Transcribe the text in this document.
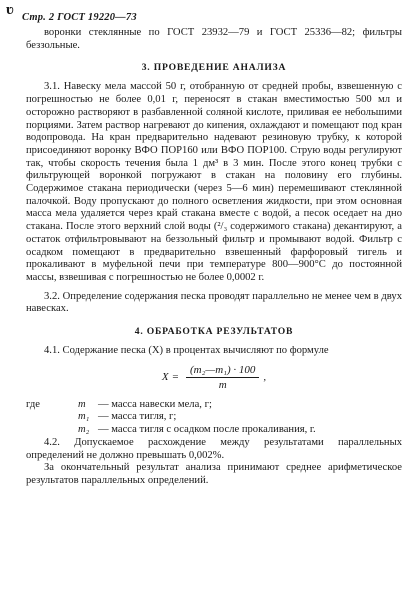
ʋ Стр. 2 ГОСТ 19220—73

воронки стеклянные по ГОСТ 23932—79 и ГОСТ 25336—82; фильтры беззольные.

3. ПРОВЕДЕНИЕ АНАЛИЗА

3.1. Навеску мела массой 50 г, отобранную от средней пробы, взвешенную с погрешностью не более 0,01 г, переносят в стакан вместимостью 500 мл и осторожно растворяют в разбавленной соляной кислоте, приливая ее небольшими порциями. Затем раствор нагревают до кипения, охлаждают и помещают под кран водопровода. На кран предварительно надевают резиновую трубку, к которой присоединяют воронку ВФО ПОР160 или ВФО ПОР100. Струю воды регулируют так, чтобы скорость течения была 1 дм³ в 3 мин. После этого конец трубки с фильтрующей воронкой погружают в стакан на половину его глубины. Содержимое стакана периодически (через 5—6 мин) перемешивают стеклянной палочкой. Воду пропускают до полного осветления жидкости, при этом основная масса мела удаляется через край стакана вместе с водой, а песок оседает на дно стакана. После этого верхний слой воды (²/₃ содержимого стакана) декантируют, а остаток отфильтровывают на беззольный фильтр и промывают водой. Фильтр с осадком помещают в предварительно взвешенный фарфоровый тигель и прокаливают в муфельной печи при температуре 800—900°С до постоянной массы, взвешивая с погрешностью не более 0,0002 г.

3.2. Определение содержания песка проводят параллельно не менее чем в двух навесках.

4. ОБРАБОТКА РЕЗУЛЬТАТОВ

4.1. Содержание песка (X) в процентах вычисляют по формуле

$X = \frac{\text{(m₂—m₁) · 100}}{m}$ ,
где	m	— масса навески мела, г;
m₁ — масса тигля, г;
m₂ — масса тигля с осадком после прокаливания, г.

4.2. Допускаемое расхождение между результатами параллельных определений не должно превышать 0,002%.

За окончательный результат анализа принимают среднее арифметическое результатов параллельных определений.
